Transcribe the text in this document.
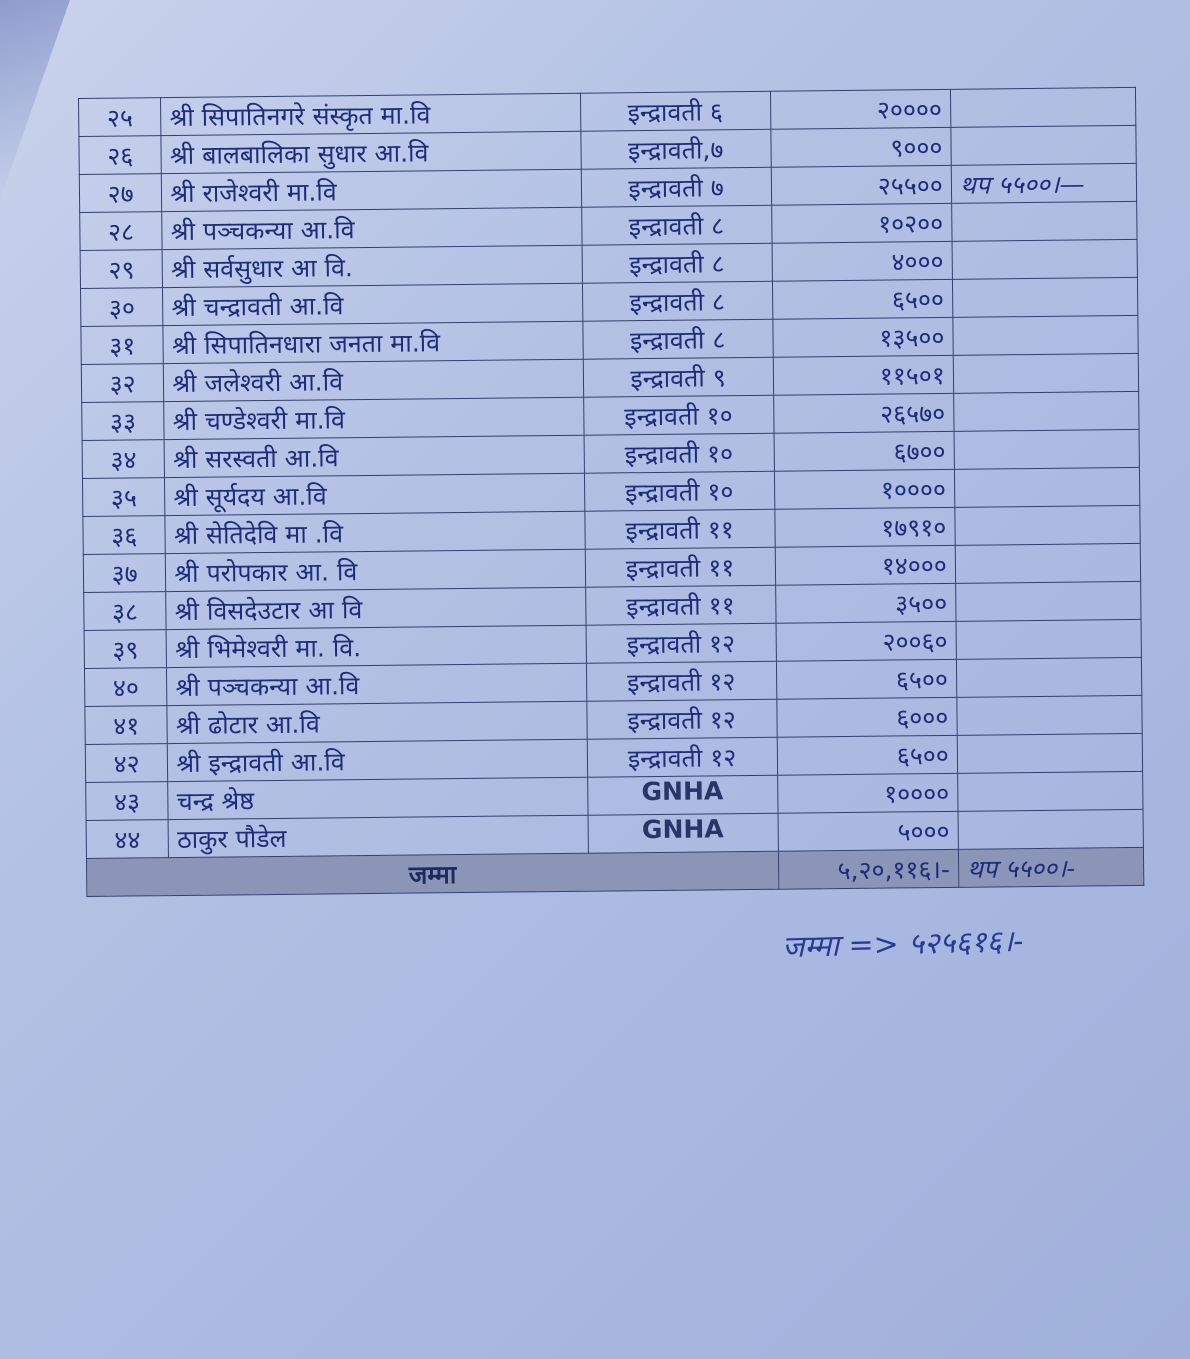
२५	श्री सिपातिनगरे संस्कृत मा.वि	इन्द्रावती ६	२००००	
२६	श्री बालबालिका सुधार आ.वि	इन्द्रावती,७	९०००	
२७	श्री राजेश्वरी मा.वि	इन्द्रावती ७	२५५००	थप ५५००।—
२८	श्री पञ्चकन्या आ.वि	इन्द्रावती ८	१०२००	
२९	श्री सर्वसुधार आ वि.	इन्द्रावती ८	४०००	
३०	श्री चन्द्रावती आ.वि	इन्द्रावती ८	६५००	
३१	श्री सिपातिनधारा जनता मा.वि	इन्द्रावती ८	१३५००	
३२	श्री जलेश्वरी आ.वि	इन्द्रावती ९	११५०१	
३३	श्री चण्डेश्वरी मा.वि	इन्द्रावती १०	२६५७०	
३४	श्री सरस्वती आ.वि	इन्द्रावती १०	६७००	
३५	श्री सूर्यदय आ.वि	इन्द्रावती १०	१००००	
३६	श्री सेतिदेवि मा .वि	इन्द्रावती ११	१७९१०	
३७	श्री परोपकार आ. वि	इन्द्रावती ११	१४०००	
३८	श्री विसदेउटार आ वि	इन्द्रावती ११	३५००	
३९	श्री भिमेश्वरी मा. वि.	इन्द्रावती १२	२००६०	
४०	श्री पञ्चकन्या आ.वि	इन्द्रावती १२	६५००	
४१	श्री ढोटार आ.वि	इन्द्रावती १२	६०००	
४२	श्री इन्द्रावती आ.वि	इन्द्रावती १२	६५००	
४३	चन्द्र श्रेष्ठ	GNHA	१००००	
४४	ठाकुर पौडेल	GNHA	५०००	
जम्मा			५,२०,११६।-	थप ५५००।-
जम्मा => ५२५६१६।-
